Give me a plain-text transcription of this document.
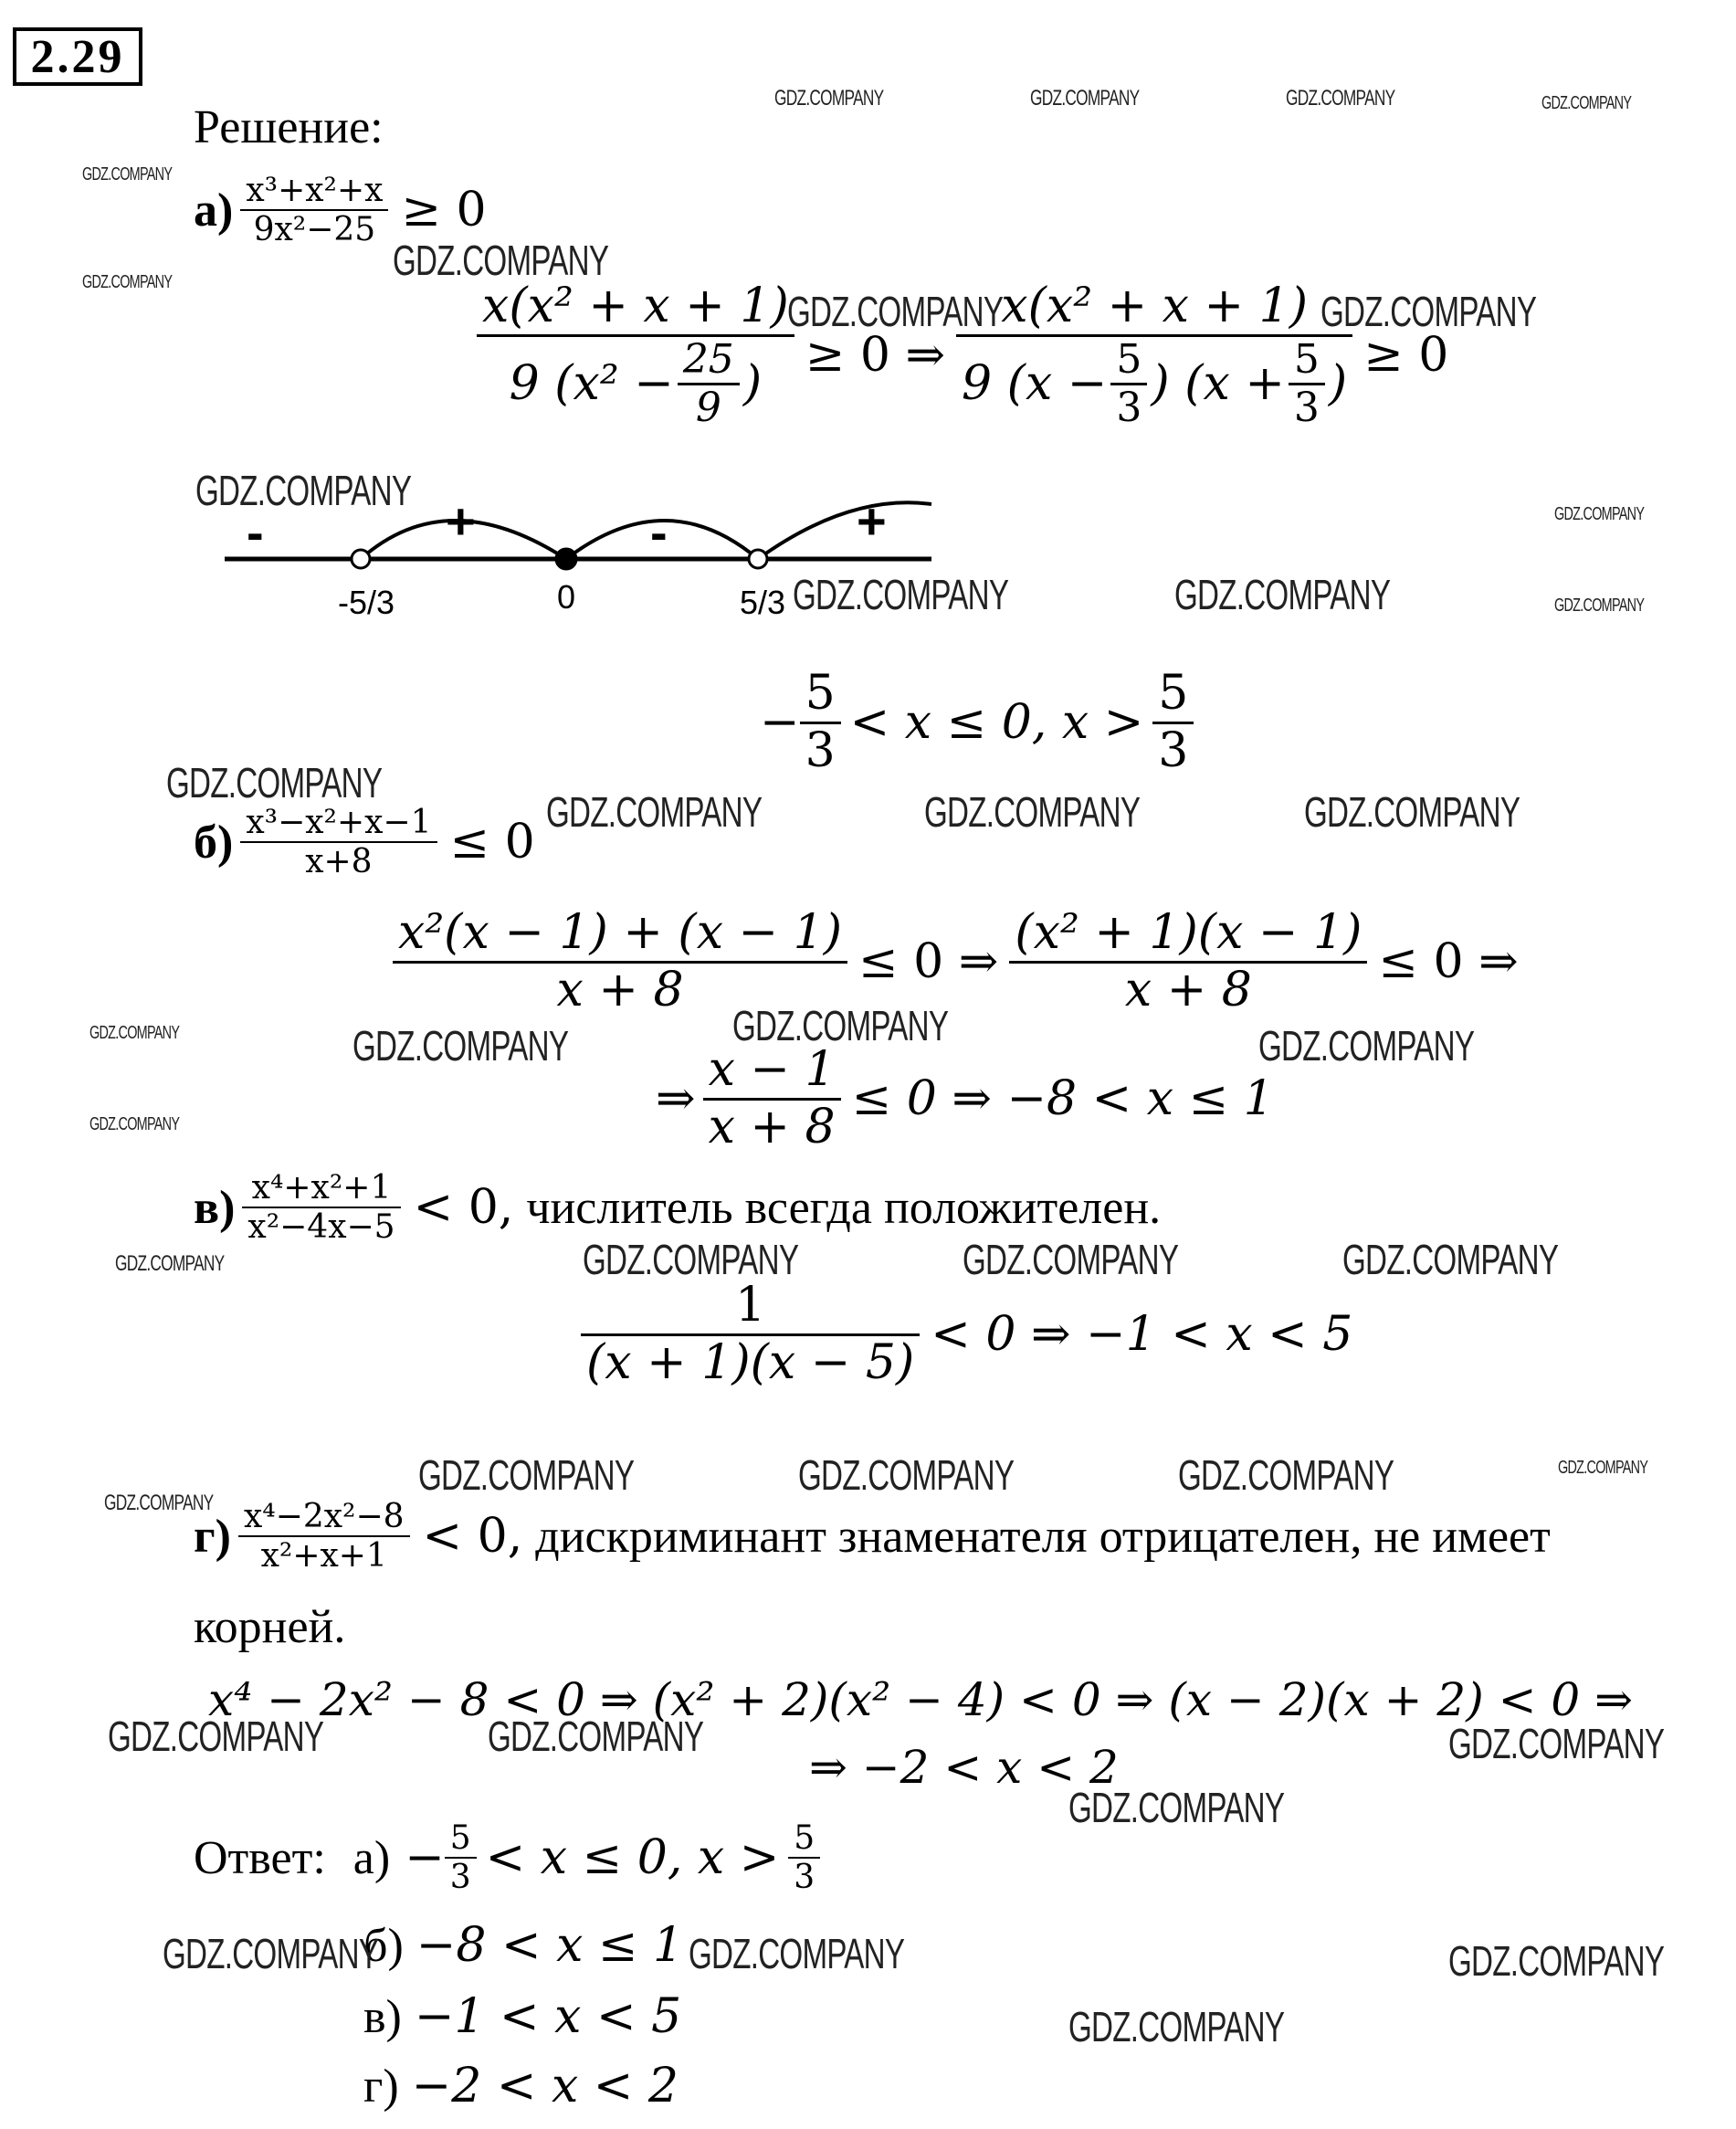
2.29
Решение:
$а) \frac{\text{x³+x²+x}}{\text{9x²−25}} \ge 0$
$\frac{\text{x(x² + x + 1)}}{9 (x^2 - \frac{25}{9} )} \ge 0$ ⇒
x(x² + x + 1)
9 ($x - \frac{5}{3}$ ) ($x + \frac{5}{3}$ )
≥ 0
-	+	-	+
-5/3	0	5/3
− $\frac{5}{3} < x \le 0$, $x > \frac{5}{3}$
$б) \frac{\text{x³−x²+x−1}}{x+8} \le 0$
$\frac{\text{x²(x − 1) + (x − 1)}}{x + 8} \le 0$ ⇒ $\frac{\text{(x² + 1)(x − 1)}}{x + 8} \le 0$ ⇒
⇒ $\frac{x - 1}{x + 8} \le 0$ ⇒ −8 < x ≤ 1
$в) \frac{\text{x⁴+x²+1}}{\text{x²−4x−5}} < 0$, числитель всегда положителен.
$\frac{1}{(x + 1)(x - 5)} < 0$ ⇒ −1 < x < 5
$г) \frac{\text{x⁴−2x²−8}}{\text{x²+x+1}} < 0$, дискриминант знаменателя отрицателен, не имеет
корней.
x⁴ − 2x² − 8 < 0 ⇒ (x² + 2)(x² − 4) < 0 ⇒ (x − 2)(x + 2) < 0 ⇒
⇒ −2 < x < 2
Ответ: $а) - \frac{5}{3} < x \le 0$, $x > \frac{5}{3}$
б) −8 < x ≤ 1
в) −1 < x < 5
г) −2 < x < 2
GDZ.COMPANY	GDZ.COMPANY	GDZ.COMPANY	GDZ.COMPANY
GDZ.COMPANY
GDZ.COMPANY	GDZ.COMPANY
GDZ.COMPANY	GDZ.COMPANY
GDZ.COMPANY	GDZ.COMPANY
GDZ.COMPANY	GDZ.COMPANY	GDZ.COMPANY
GDZ.COMPANY
GDZ.COMPANY	GDZ.COMPANY	GDZ.COMPANY
GDZ.COMPANY	GDZ.COMPANY	GDZ.COMPANY	GDZ.COMPANY
GDZ.COMPANY
GDZ.COMPANY	GDZ.COMPANY	GDZ.COMPANY	GDZ.COMPANY
GDZ.COMPANY	GDZ.COMPANY	GDZ.COMPANY	GDZ.COMPANY
GDZ.COMPANY
GDZ.COMPANY	GDZ.COMPANY	GDZ.COMPANY
GDZ.COMPANY
GDZ.COMPANY	GDZ.COMPANY	GDZ.COMPANY
GDZ.COMPANY
